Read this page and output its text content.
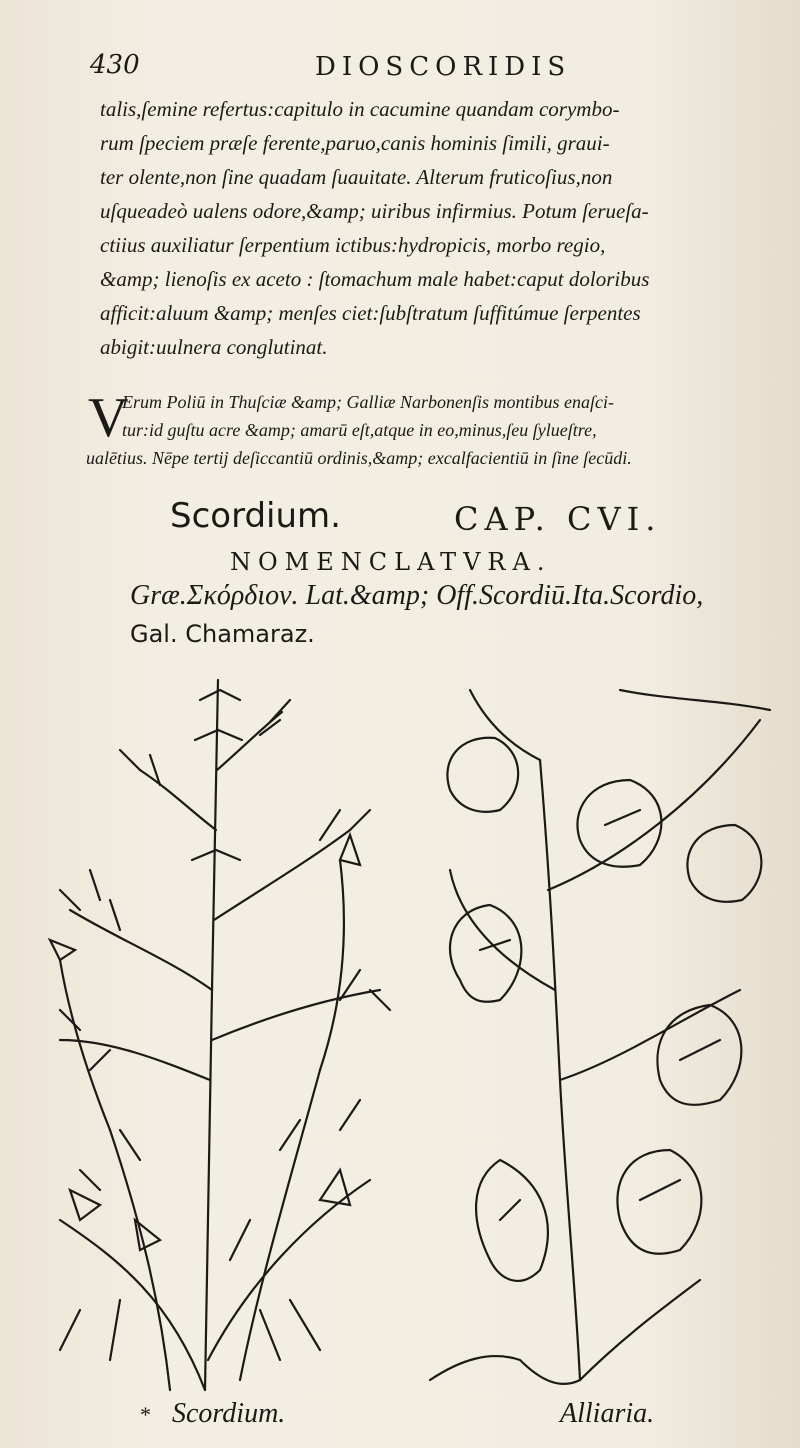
430	DIOSCORIDIS
talis,ſemine refertus:capitulo in cacumine quandam corymbo-
rum ſpeciem præſe ferente,paruo,canis hominis ſimili, graui-
ter olente,non ſine quadam ſuauitate. Alterum fruticoſius,non
uſqueadeò ualens odore,&amp; uiribus infirmius. Potum ſerueſa-
ctiius auxiliatur ſerpentium ictibus:hydropicis, morbo regio,
&amp; lienoſis ex aceto : ſtomachum male habet:caput doloribus
afficit:aluum &amp; menſes ciet:ſubſtratum ſuffitúmue ſerpentes
abigit:uulnera conglutinat.
V
Erum Poliū in Thuſciæ &amp; Galliæ Narbonenſis montibus enaſci-
tur:id guſtu acre &amp; amarū eſt,atque in eo,minus,ſeu ſylueſtre,
ualētius. Nēpe tertij deſiccantiū ordinis,&amp; excalfacientiū in ſine ſecūdi.
Scordium.	CAP. CVI.
NOMENCLATVRA.
Græ.Σκόρδιον. Lat.&amp; Off.Scordiū.Ita.Scordio,
Gal. Chamaraz.
* Scordium.	Alliaria.
